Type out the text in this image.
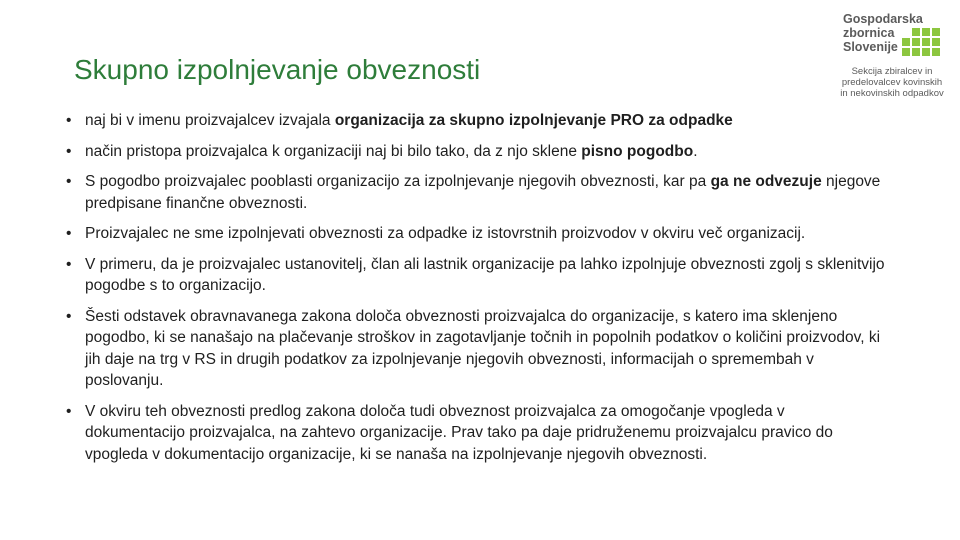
Skupno izpolnjevanje obveznosti
Gospodarska
zbornica
Slovenije
Sekcija zbiralcev in
predelovalcev kovinskih
in nekovinskih odpadkov
• naj bi v imenu proizvajalcev izvajala organizacija za skupno izpolnjevanje PRO za odpadke
• način pristopa proizvajalca k organizaciji naj bi bilo tako, da z njo sklene pisno pogodbo.
• S pogodbo proizvajalec pooblasti organizacijo za izpolnjevanje njegovih obveznosti, kar pa ga ne odvezuje njegove predpisane finančne obveznosti.
• Proizvajalec ne sme izpolnjevati obveznosti za odpadke iz istovrstnih proizvodov v okviru več organizacij.
• V primeru, da je proizvajalec ustanovitelj, član ali lastnik organizacije pa lahko izpolnjuje obveznosti zgolj s sklenitvijo pogodbe s to organizacijo.
• Šesti odstavek obravnavanega zakona določa obveznosti proizvajalca do organizacije, s katero ima sklenjeno pogodbo, ki se nanašajo na plačevanje stroškov in zagotavljanje točnih in popolnih podatkov o količini proizvodov, ki jih daje na trg v RS in drugih podatkov za izpolnjevanje njegovih obveznosti, informacijah o spremembah v poslovanju.
• V okviru teh obveznosti predlog zakona določa tudi obveznost proizvajalca za omogočanje vpogleda v dokumentacijo proizvajalca, na zahtevo organizacije. Prav tako pa daje pridruženemu proizvajalcu pravico do vpogleda v dokumentacijo organizacije, ki se nanaša na izpolnjevanje njegovih obveznosti.
